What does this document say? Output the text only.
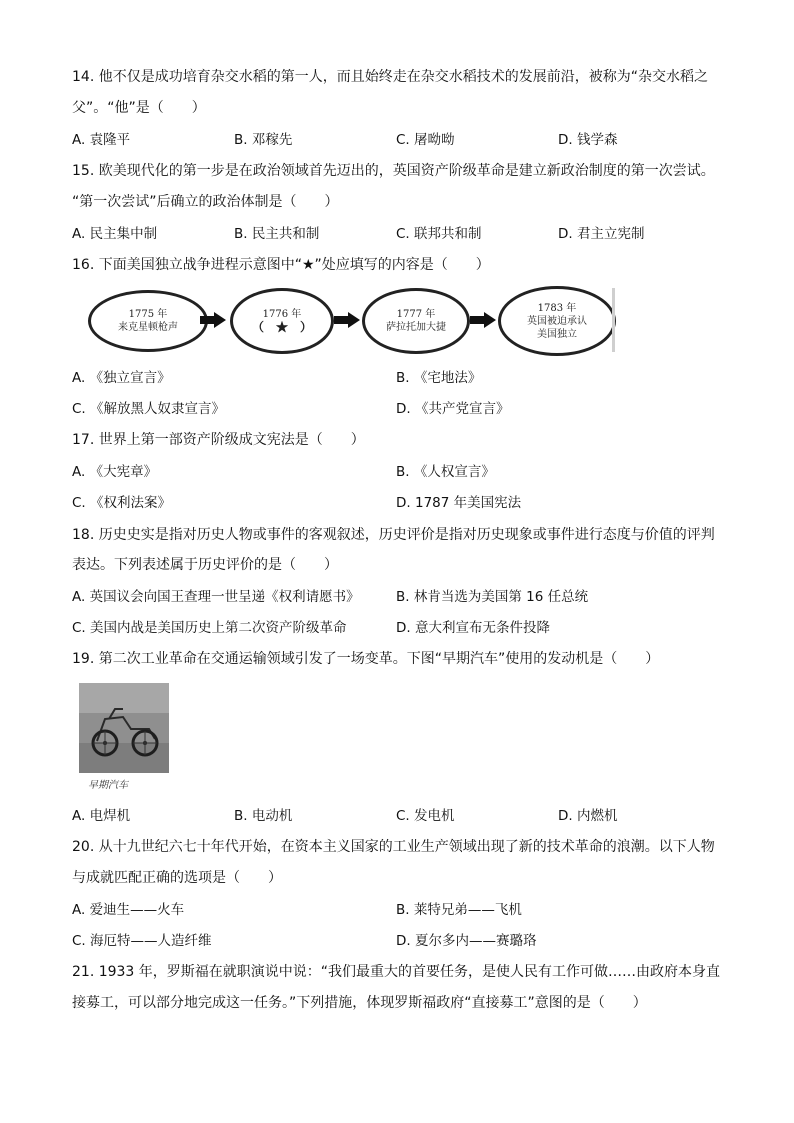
14. 他不仅是成功培育杂交水稻的第一人，而且始终走在杂交水稻技术的发展前沿，被称为“杂交水稻之
父”。“他”是（　　）
A. 袁隆平	B. 邓稼先	C. 屠呦呦	D. 钱学森
15. 欧美现代化的第一步是在政治领域首先迈出的，英国资产阶级革命是建立新政治制度的第一次尝试。
“第一次尝试”后确立的政治体制是（　　）
A. 民主集中制	B. 民主共和制	C. 联邦共和制	D. 君主立宪制
16. 下面美国独立战争进程示意图中“★”处应填写的内容是（　　）
1775 年
来克星顿枪声
1776 年
（　★　）
1777 年
萨拉托加大捷
1783 年
英国被迫承认
美国独立
A. 《独立宣言》	B. 《宅地法》
C. 《解放黑人奴隶宣言》	D. 《共产党宣言》
17. 世界上第一部资产阶级成文宪法是（　　）
A. 《大宪章》	B. 《人权宣言》
C. 《权利法案》	D. 1787 年美国宪法
18. 历史史实是指对历史人物或事件的客观叙述，历史评价是指对历史现象或事件进行态度与价值的评判
表达。下列表述属于历史评价的是（　　）
A. 英国议会向国王查理一世呈递《权利请愿书》	B. 林肯当选为美国第 16 任总统
C. 美国内战是美国历史上第二次资产阶级革命	D. 意大利宣布无条件投降
19. 第二次工业革命在交通运输领域引发了一场变革。下图“早期汽车”使用的发动机是（　　）
早期汽车
A. 电焊机	B. 电动机	C. 发电机	D. 内燃机
20. 从十九世纪六七十年代开始，在资本主义国家的工业生产领域出现了新的技术革命的浪潮。以下人物
与成就匹配正确的选项是（　　）
A. 爱迪生——火车	B. 莱特兄弟——飞机
C. 海厄特——人造纤维	D. 夏尔多内——赛璐珞
21. 1933 年，罗斯福在就职演说中说：“我们最重大的首要任务，是使人民有工作可做……由政府本身直
接募工，可以部分地完成这一任务。”下列措施，体现罗斯福政府“直接募工”意图的是（　　）
